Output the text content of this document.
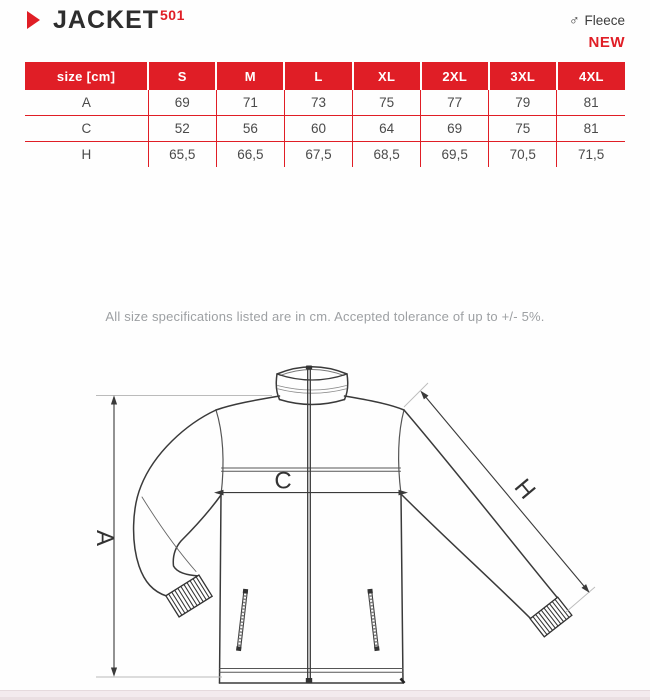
JACKET 501	♂ Fleece
NEW
size [cm]	S	M	L	XL	2XL	3XL	4XL
A	69	71	73	75	77	79	81
C	52	56	60	64	69	75	81
H	65,5	66,5	67,5	68,5	69,5	70,5	71,5
All size specifications listed are in cm. Accepted tolerance of up to +/- 5%.
A
C	H
